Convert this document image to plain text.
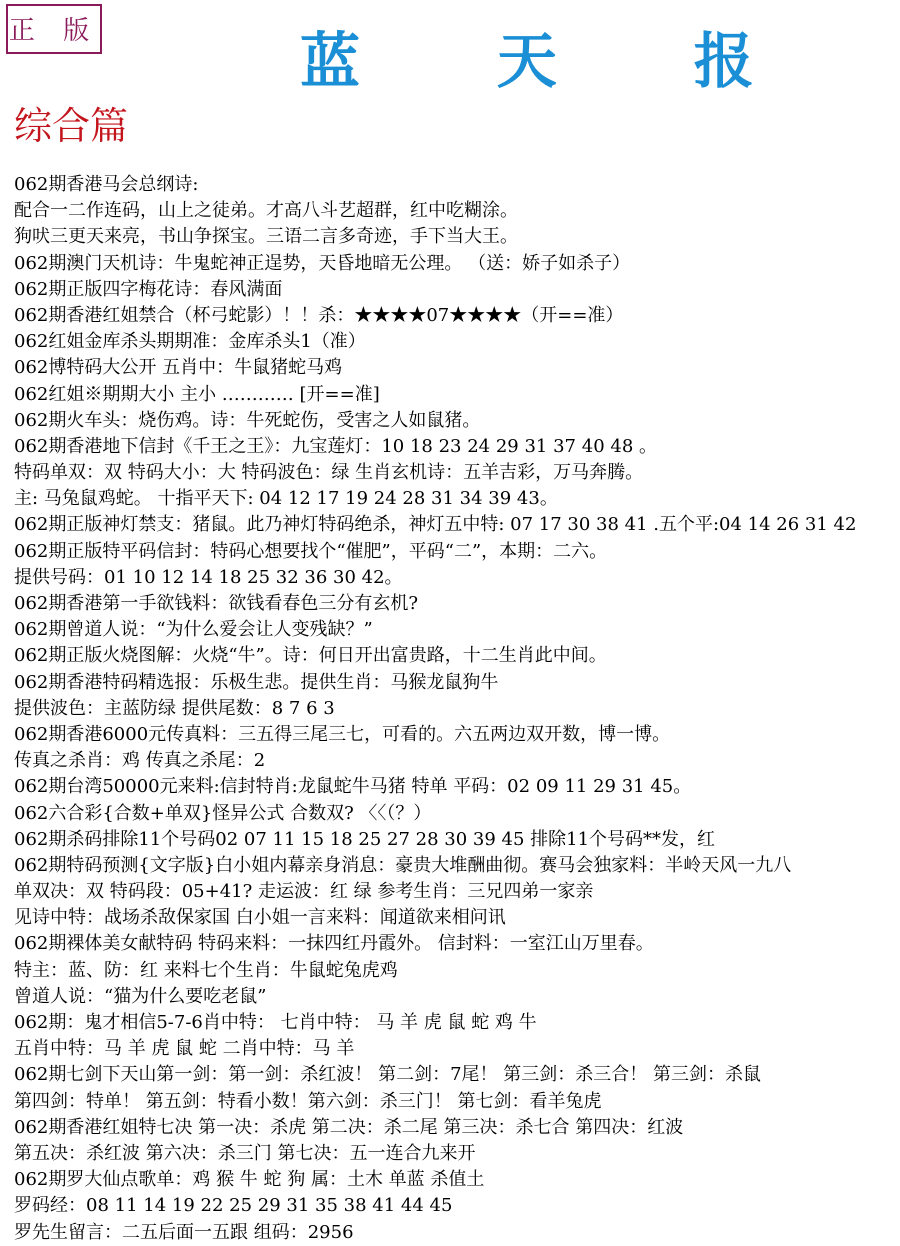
正 版	蓝 天 报
综合篇
062期香港马会总纲诗:
配合一二作连码，山上之徒弟。才高八斗艺超群，红中吃糊涂。
狗吠三更天来亮，书山争探宝。三语二言多奇迹，手下当大王。
062期澳门天机诗：牛鬼蛇神正逞势，天昏地暗无公理。 （送：娇子如杀子）
062期正版四字梅花诗：春风满面
062期香港红姐禁合（杯弓蛇影）！！杀：★★★★07★★★★（开==准）
062红姐金库杀头期期准：金库杀头1（准）
062博特码大公开 五肖中：牛鼠猪蛇马鸡
062红姐※期期大小 主小 ………… [开==准]
062期火车头：烧伤鸡。诗：牛死蛇伤，受害之人如鼠猪。
062期香港地下信封《千王之王》：九宝莲灯：10 18 23 24 29 31 37 40 48 。
特码单双：双 特码大小：大 特码波色：绿 生肖玄机诗：五羊吉彩，万马奔腾。
主: 马兔鼠鸡蛇。 十指平天下: 04 12 17 19 24 28 31 34 39 43。
062期正版神灯禁支：猪鼠。此乃神灯特码绝杀，神灯五中特: 07 17 30 38 41 .五个平:04 14 26 31 42
062期正版特平码信封：特码心想要找个“催肥”，平码“二”，本期：二六。
提供号码：01 10 12 14 18 25 32 36 30 42。
062期香港第一手欲钱料：欲钱看春色三分有玄机?
062期曾道人说：“为什么爱会让人变残缺？”
062期正版火烧图解：火烧“牛”。诗：何日开出富贵路，十二生肖此中间。
062期香港特码精选报：乐极生悲。提供生肖：马猴龙鼠狗牛
提供波色：主蓝防绿 提供尾数：8 7 6 3
062期香港6000元传真料：三五得三尾三七，可看的。六五两边双开数，博一博。
传真之杀肖：鸡 传真之杀尾：2
062期台湾50000元来料:信封特肖:龙鼠蛇牛马猪 特单 平码：02 09 11 29 31 45。
062六合彩{合数+单双}怪异公式 合数双? 〈〈（？）
062期杀码排除11个号码02 07 11 15 18 25 27 28 30 39 45 排除11个号码**发，红
062期特码预测{文字版}白小姐内幕亲身消息：豪贵大堆酬曲彻。赛马会独家料：半岭天风一九八
单双决：双 特码段：05+41? 走运波：红 绿 参考生肖：三兄四弟一家亲
见诗中特：战场杀敌保家国 白小姐一言来料：闻道欲来相问讯
062期裸体美女献特码 特码来料：一抹四红丹霞外。 信封料：一室江山万里春。
特主：蓝、防：红 来料七个生肖：牛鼠蛇兔虎鸡
曾道人说：“猫为什么要吃老鼠”
062期：鬼才相信5-7-6肖中特： 七肖中特： 马 羊 虎 鼠 蛇 鸡 牛
五肖中特：马 羊 虎 鼠 蛇 二肖中特：马 羊
062期七剑下天山第一剑：第一剑：杀红波！ 第二剑：7尾！ 第三剑：杀三合！ 第三剑：杀鼠
第四剑：特单！ 第五剑：特看小数！第六剑：杀三门！ 第七剑：看羊兔虎
062期香港红姐特七决 第一决：杀虎 第二决：杀二尾 第三决：杀七合 第四决：红波
第五决：杀红波 第六决：杀三门 第七决：五一连合九来开
062期罗大仙点歌单：鸡 猴 牛 蛇 狗 属：土木 单蓝 杀值土
罗码经：08 11 14 19 22 25 29 31 35 38 41 44 45
罗先生留言：二五后面一五跟 组码：2956
